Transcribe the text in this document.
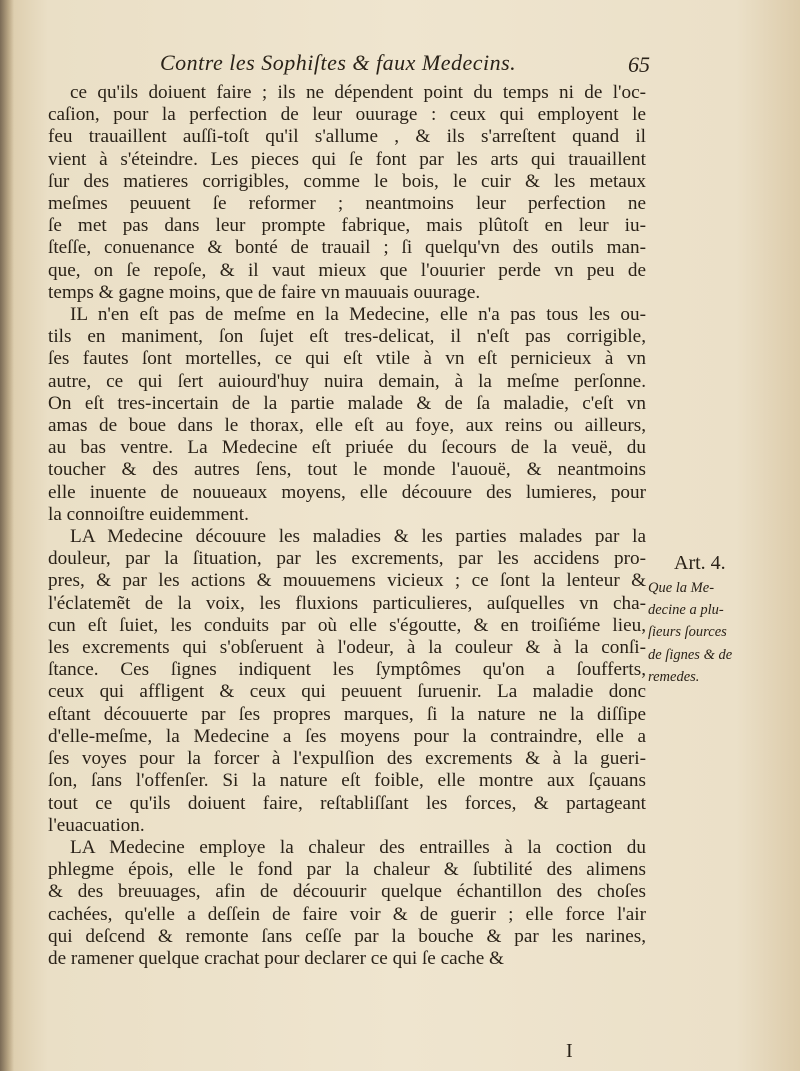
Contre les Sophiſtes & faux Medecins.	65
ce qu'ils doiuent faire ; ils ne dépendent point du temps ni de l'oc-
caſion, pour la perfection de leur ouurage : ceux qui employent le
feu trauaillent auſſi-toſt qu'il s'allume , & ils s'arreſtent quand il
vient à s'éteindre. Les pieces qui ſe font par les arts qui trauaillent
ſur des matieres corrigibles, comme le bois, le cuir & les metaux
meſmes peuuent ſe reformer ; neantmoins leur perfection ne
ſe met pas dans leur prompte fabrique, mais plûtoſt en leur iu-
ſteſſe, conuenance & bonté de trauail ; ſi quelqu'vn des outils man-
que, on ſe repoſe, & il vaut mieux que l'ouurier perde vn peu de
temps & gagne moins, que de faire vn mauuais ouurage.
IL n'en eſt pas de meſme en la Medecine, elle n'a pas tous les ou-
tils en maniment, ſon ſujet eſt tres-delicat, il n'eſt pas corrigible,
ſes fautes ſont mortelles, ce qui eſt vtile à vn eſt pernicieux à vn
autre, ce qui ſert auiourd'huy nuira demain, à la meſme perſonne.
On eſt tres-incertain de la partie malade & de ſa maladie, c'eſt vn
amas de boue dans le thorax, elle eſt au foye, aux reins ou ailleurs,
au bas ventre. La Medecine eſt priuée du ſecours de la veuë, du
toucher & des autres ſens, tout le monde l'auouë, & neantmoins
elle inuente de nouueaux moyens, elle découure des lumieres, pour
la connoiſtre euidemment.
LA Medecine découure les maladies & les parties malades par la
douleur, par la ſituation, par les excrements, par les accidens pro-
pres, & par les actions & mouuemens vicieux ; ce ſont la lenteur &
l'éclatemẽt de la voix, les fluxions particulieres, auſquelles vn cha-
cun eſt ſuiet, les conduits par où elle s'égoutte, & en troiſiéme lieu,
les excrements qui s'obſeruent à l'odeur, à la couleur & à la conſi-
ſtance. Ces ſignes indiquent les ſymptômes qu'on a ſoufferts,
ceux qui affligent & ceux qui peuuent ſuruenir. La maladie donc
eſtant découuerte par ſes propres marques, ſi la nature ne la diſſipe
d'elle-meſme, la Medecine a ſes moyens pour la contraindre, elle a
ſes voyes pour la forcer à l'expulſion des excrements & à la gueri-
ſon, ſans l'offenſer. Si la nature eſt foible, elle montre aux ſçauans
tout ce qu'ils doiuent faire, reſtabliſſant les forces, & partageant
l'euacuation.
LA Medecine employe la chaleur des entrailles à la coction du
phlegme épois, elle le fond par la chaleur & ſubtilité des alimens
& des breuuages, afin de découurir quelque échantillon des choſes
cachées, qu'elle a deſſein de faire voir & de guerir ; elle force l'air
qui deſcend & remonte ſans ceſſe par la bouche & par les narines,
de ramener quelque crachat pour declarer ce qui ſe cache &
Art. 4.
Que la Me-
decine a plu-
ſieurs ſources
de ſignes & de
remedes.
I
